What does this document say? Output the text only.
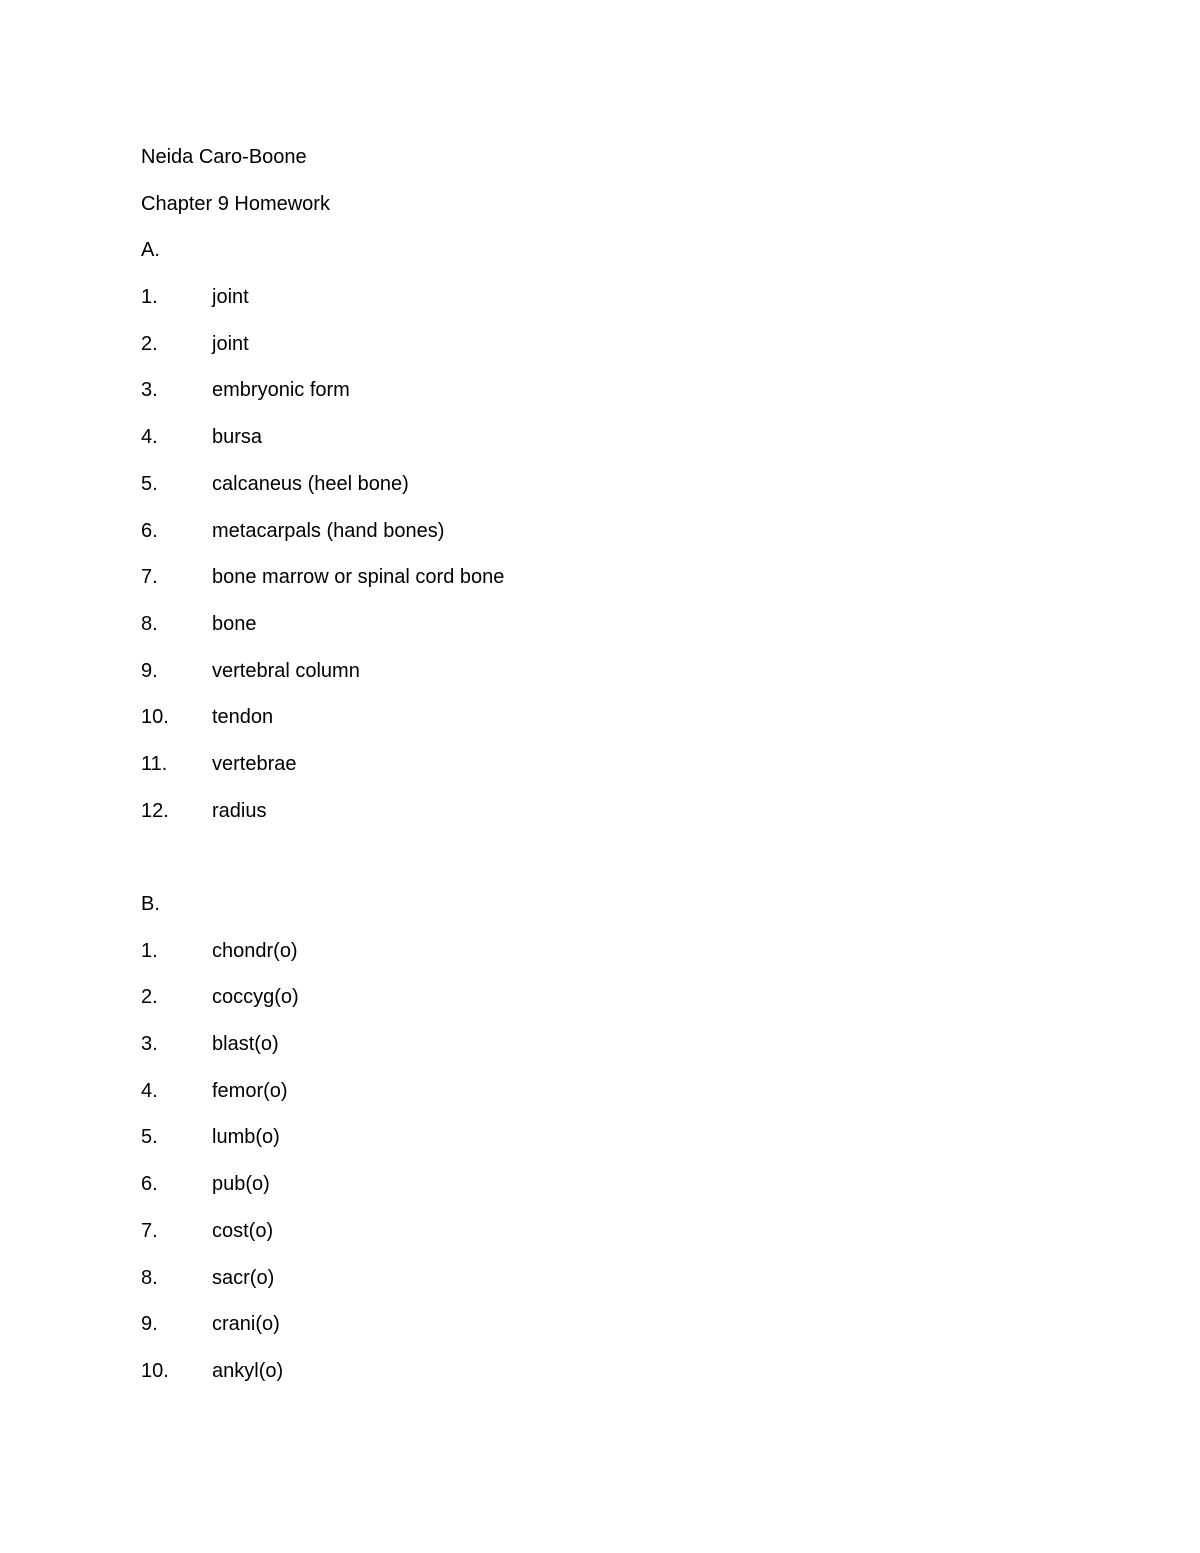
Neida Caro-Boone
Chapter 9 Homework
A.
1.	joint
2.	joint
3.	embryonic form
4.	bursa
5.	calcaneus (heel bone)
6.	metacarpals (hand bones)
7.	bone marrow or spinal cord bone
8.	bone
9.	vertebral column
10.	tendon
11.	vertebrae
12.	radius
B.
1.	chondr(o)
2.	coccyg(o)
3.	blast(o)
4.	femor(o)
5.	lumb(o)
6.	pub(o)
7.	cost(o)
8.	sacr(o)
9.	crani(o)
10.	ankyl(o)
